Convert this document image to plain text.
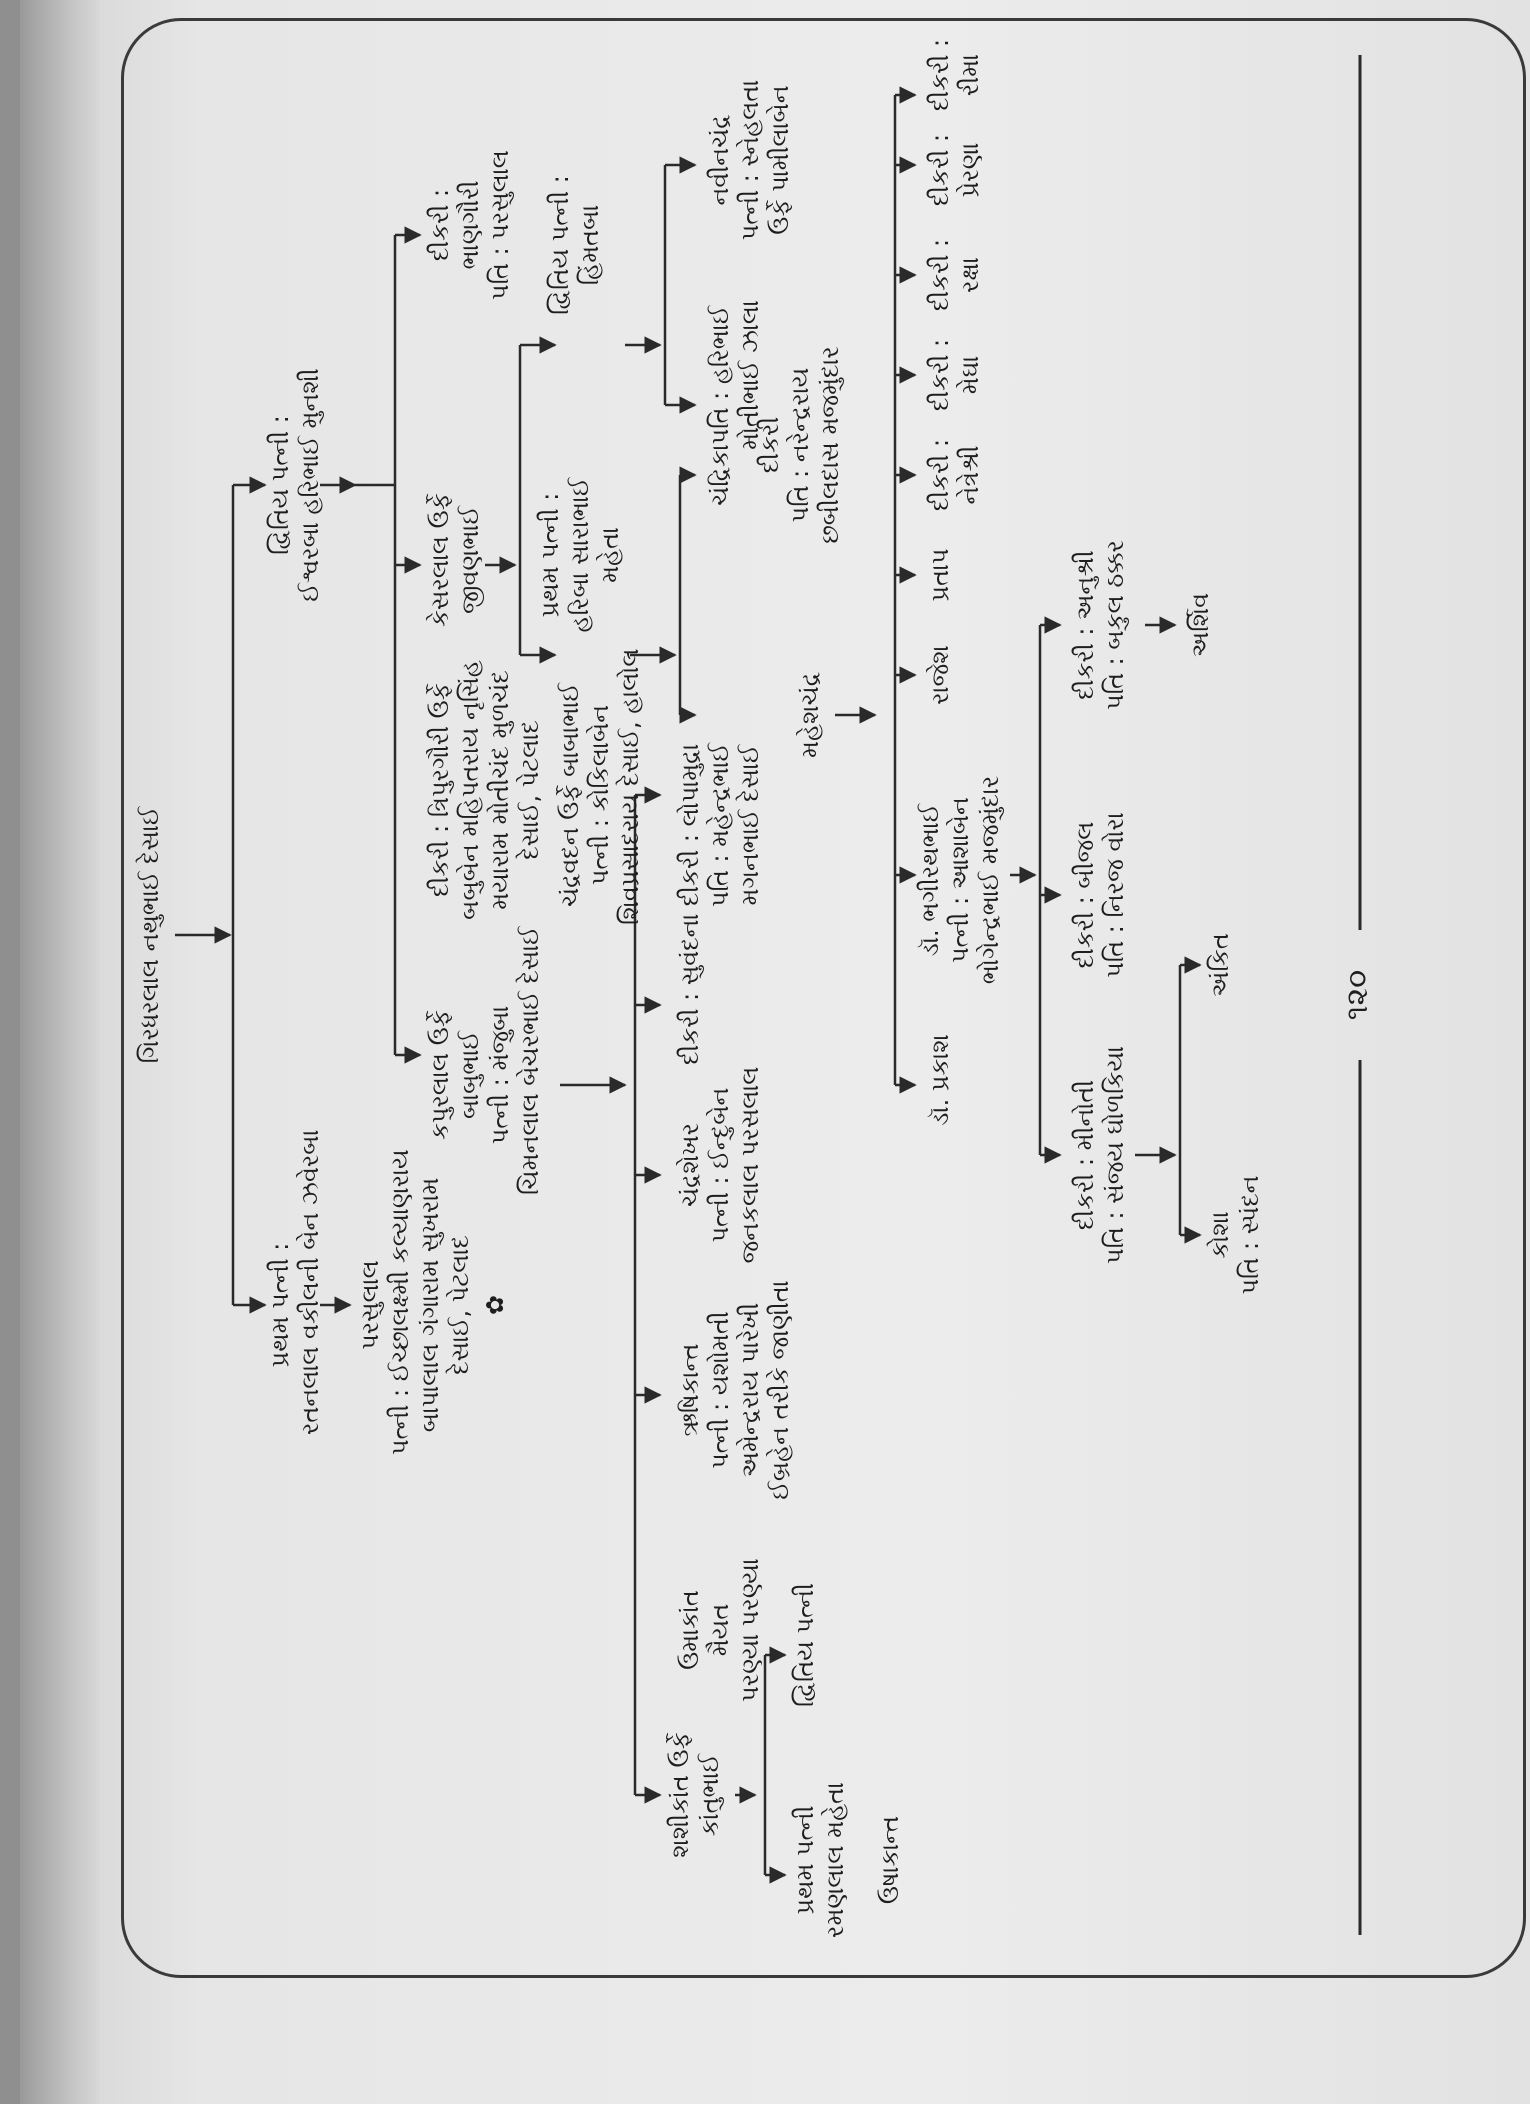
ગિરધરલાલ નથુભાઈ દેસાઈ
પ્રથમ પત્ની :
રતનલાલ વકીલની બેન ઝવેરબા
દ્વિતિય પત્ની :
ઈશ્વરબા હરિભાઈ મુનશી
પરસુલાલ
પત્ની : ઈચ્છાલક્ષ્મી કલ્યાણરાય
બાપાલાલ ગંગારામ સુખરામ
દેસાઈ, પેટલાદ
✿
કપુરલાલ ઉર્ફે
બાબુભાઈ
પત્ની : મંજુબા
ચિમનલાલ બેચરભાઈ દેસાઈ
દીકરી : ત્રિપુરગૌરી ઉર્ફે
બબુબેન મહિપતરાય નૃસિંહ
મયારામ મોતીચંદ મુળચંદ
દેસાઈ, પેટલાદ
કેસરલાલ ઉર્ફે
જીવણભાઈ
દીકરી :
ભાણગૌરી
પતિ : પરસુલાલ
ચંદ્રવદન ઉર્ફે બાબાભાઈ
પત્ની : કોકિલાબેન
શિવપ્રસાદરાય દેસાઈ, હાલોલ
પ્રથમ પત્ની :
હરિબા સારાભાઈ
મહેતા
દ્વિતિય પત્ની :
હિંમતબા
શશીકાંત ઉર્ફે
કાંતુભાઈ
ઉમાકાંત
મૈયત
પરણ્યા પરણ્યા
ઋષિકાન્ત
પત્ની : યશોમતી
અમેન્દ્રરાય પારેખી
ઈબ્રહેન તરીકે જાણીતા
ચંદ્રશેખર
પત્ની : ઈન્દુબેન
જનકલાલ પરસલાલ
દીકરી : સુવંદના
દીકરી : લોપામુદ્રા
પતિ : મહેન્દ્રભાઈ
મગનભાઈ દેસાઈ
મહેશચંદ્ર
ચંદ્રિકા દીકરી
પતિ : નરેન્દ્રરાય
છબીલદાસ મજમુંદાર
પતિ : હરિભાઈ
મોતીભાઈ ઝાલા
નવીનચંદ્ર
પત્ની : સ્નેહલતા
ઉર્ફે પામીલાબેન
પ્રથમ પત્ની
રમણલાલ મહેતા
દ્વિતિય પત્ની
ઉષાકાન્ત
ડૉ. પ્રકાશ
ડૉ. ભગીરથભાઈ
પત્ની : આશાબેન
ભોગેન્દ્રભાઈ મજમુંદાર
રાજેશ
પ્રતાપ
દીકરી :
નેત્રેશ્રી
દીકરી :
મેઘા
દીકરી :
રક્ષા
દીકરી :
પ્રેરણા
દીકરી :
રીમા
દીકરી : મીનોતી
પતિ : સંજય ઘોળકિયા
દીકરી : બીજલ
પતિ : નિરજ વોરા
દીકરી : અનુશ્રી
પતિ : બકુલ ઠક્કર
કોશા
પતિ : સ્પંદન
અંકિત
અર્શિવ
૧૨૦
